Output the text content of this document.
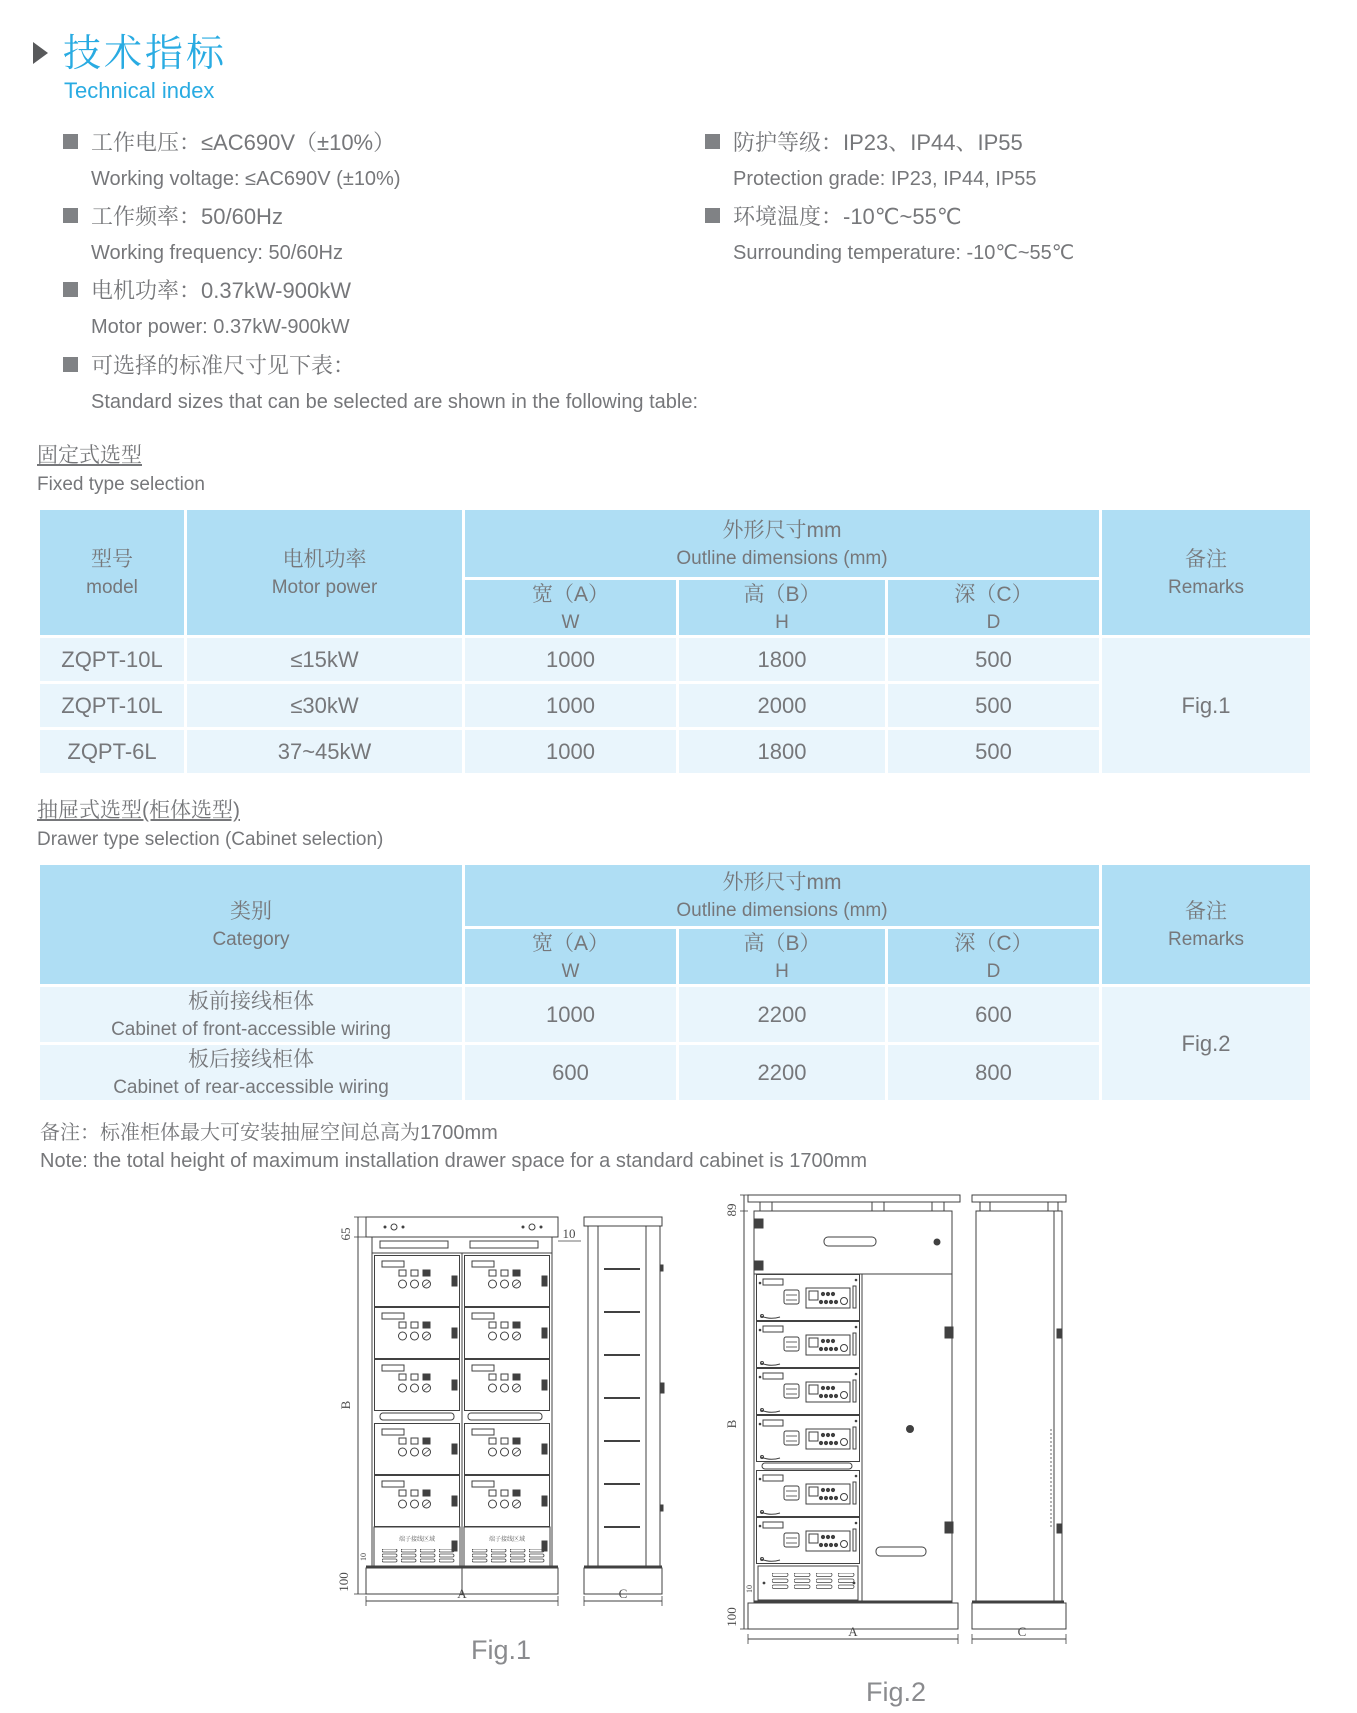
技术指标
Technical index
工作电压：≤AC690V（±10%）
Working voltage: ≤AC690V (±10%)
防护等级：IP23、IP44、IP55
Protection grade: IP23, IP44, IP55
工作频率：50/60Hz
Working frequency: 50/60Hz
环境温度：-10℃~55℃
Surrounding temperature: -10℃~55℃
电机功率：0.37kW-900kW
Motor power: 0.37kW-900kW
可选择的标准尺寸见下表：
Standard sizes that can be selected are shown in the following table:
固定式选型
Fixed type selection
型号
model	电机功率
Motor power	外形尺寸mm
Outline dimensions (mm)			备注
Remarks

		宽（A）
W	高（B）
H	深（C）
D	

ZQPT-10L	≤15kW	1000	1800	500	Fig.1
ZQPT-10L	≤30kW	1000	2000	500	
ZQPT-6L	37~45kW	1000	1800	500	
抽屉式选型(柜体选型)
Drawer type selection (Cabinet selection)
类别
Category	外形尺寸mm
Outline dimensions (mm)			备注
Remarks

	宽（A）
W	高（B）
H	深（C）
D	

板前接线柜体
Cabinet of front-accessible wiring	1000	2200	600	Fig.2

板后接线柜体
Cabinet of rear-accessible wiring	600	2200	800	
备注：标准柜体最大可安装抽屉空间总高为1700mm
Note: the total height of maximum installation drawer space for a standard cabinet is 1700mm
端子接线区域	端子接线区域
65	10
B
100
10
A	C
Fig.1
89
B
100
10
A	C
Fig.2
